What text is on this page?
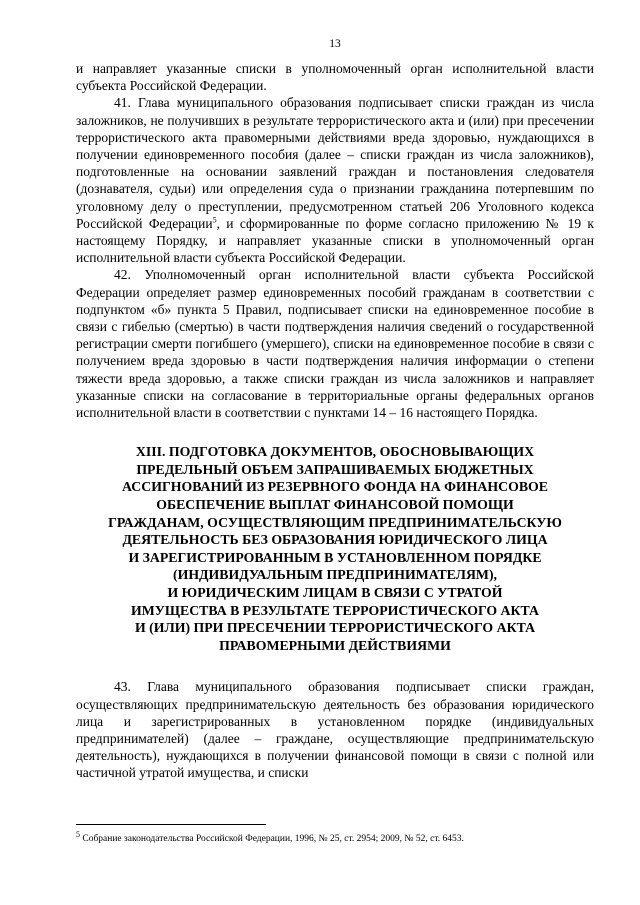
13

и направляет указанные списки в уполномоченный орган исполнительной власти субъекта Российской Федерации.

41. Глава муниципального образования подписывает списки граждан из числа заложников, не получивших в результате террористического акта и (или) при пресечении террористического акта правомерными действиями вреда здоровью, нуждающихся в получении единовременного пособия (далее – списки граждан из числа заложников), подготовленные на основании заявлений граждан и постановления следователя (дознавателя, судьи) или определения суда о признании гражданина потерпевшим по уголовному делу о преступлении, предусмотренном статьей 206 Уголовного кодекса Российской Федерации$^5$, и сформированные по форме согласно приложению № 19 к настоящему Порядку, и направляет указанные списки в уполномоченный орган исполнительной власти субъекта Российской Федерации.

42. Уполномоченный орган исполнительной власти субъекта Российской Федерации определяет размер единовременных пособий гражданам в соответствии с подпунктом «б» пункта 5 Правил, подписывает списки на единовременное пособие в связи с гибелью (смертью) в части подтверждения наличия сведений о государственной регистрации смерти погибшего (умершего), списки на единовременное пособие в связи с получением вреда здоровью в части подтверждения наличия информации о степени тяжести вреда здоровью, а также списки граждан из числа заложников и направляет указанные списки на согласование в территориальные органы федеральных органов исполнительной власти в соответствии с пунктами 14 – 16 настоящего Порядка.

XIII. ПОДГОТОВКА ДОКУМЕНТОВ, ОБОСНОВЫВАЮЩИХ
ПРЕДЕЛЬНЫЙ ОБЪЕМ ЗАПРАШИВАЕМЫХ БЮДЖЕТНЫХ
АССИГНОВАНИЙ ИЗ РЕЗЕРВНОГО ФОНДА НА ФИНАНСОВОЕ
ОБЕСПЕЧЕНИЕ ВЫПЛАТ ФИНАНСОВОЙ ПОМОЩИ
ГРАЖДАНАМ, ОСУЩЕСТВЛЯЮЩИМ ПРЕДПРИНИМАТЕЛЬСКУЮ
ДЕЯТЕЛЬНОСТЬ БЕЗ ОБРАЗОВАНИЯ ЮРИДИЧЕСКОГО ЛИЦА
И ЗАРЕГИСТРИРОВАННЫМ В УСТАНОВЛЕННОМ ПОРЯДКЕ
(ИНДИВИДУАЛЬНЫМ ПРЕДПРИНИМАТЕЛЯМ),
И ЮРИДИЧЕСКИМ ЛИЦАМ В СВЯЗИ С УТРАТОЙ
ИМУЩЕСТВА В РЕЗУЛЬТАТЕ ТЕРРОРИСТИЧЕСКОГО АКТА
И (ИЛИ) ПРИ ПРЕСЕЧЕНИИ ТЕРРОРИСТИЧЕСКОГО АКТА
ПРАВОМЕРНЫМИ ДЕЙСТВИЯМИ

43. Глава муниципального образования подписывает списки граждан, осуществляющих предпринимательскую деятельность без образования юридического лица и зарегистрированных в установленном порядке (индивидуальных предпринимателей) (далее – граждане, осуществляющие предпринимательскую деятельность), нуждающихся в получении финансовой помощи в связи с полной или частичной утратой имущества, и списки

$^5$ Собрание законодательства Российской Федерации, 1996, № 25, ст. 2954; 2009, № 52, ст. 6453.
